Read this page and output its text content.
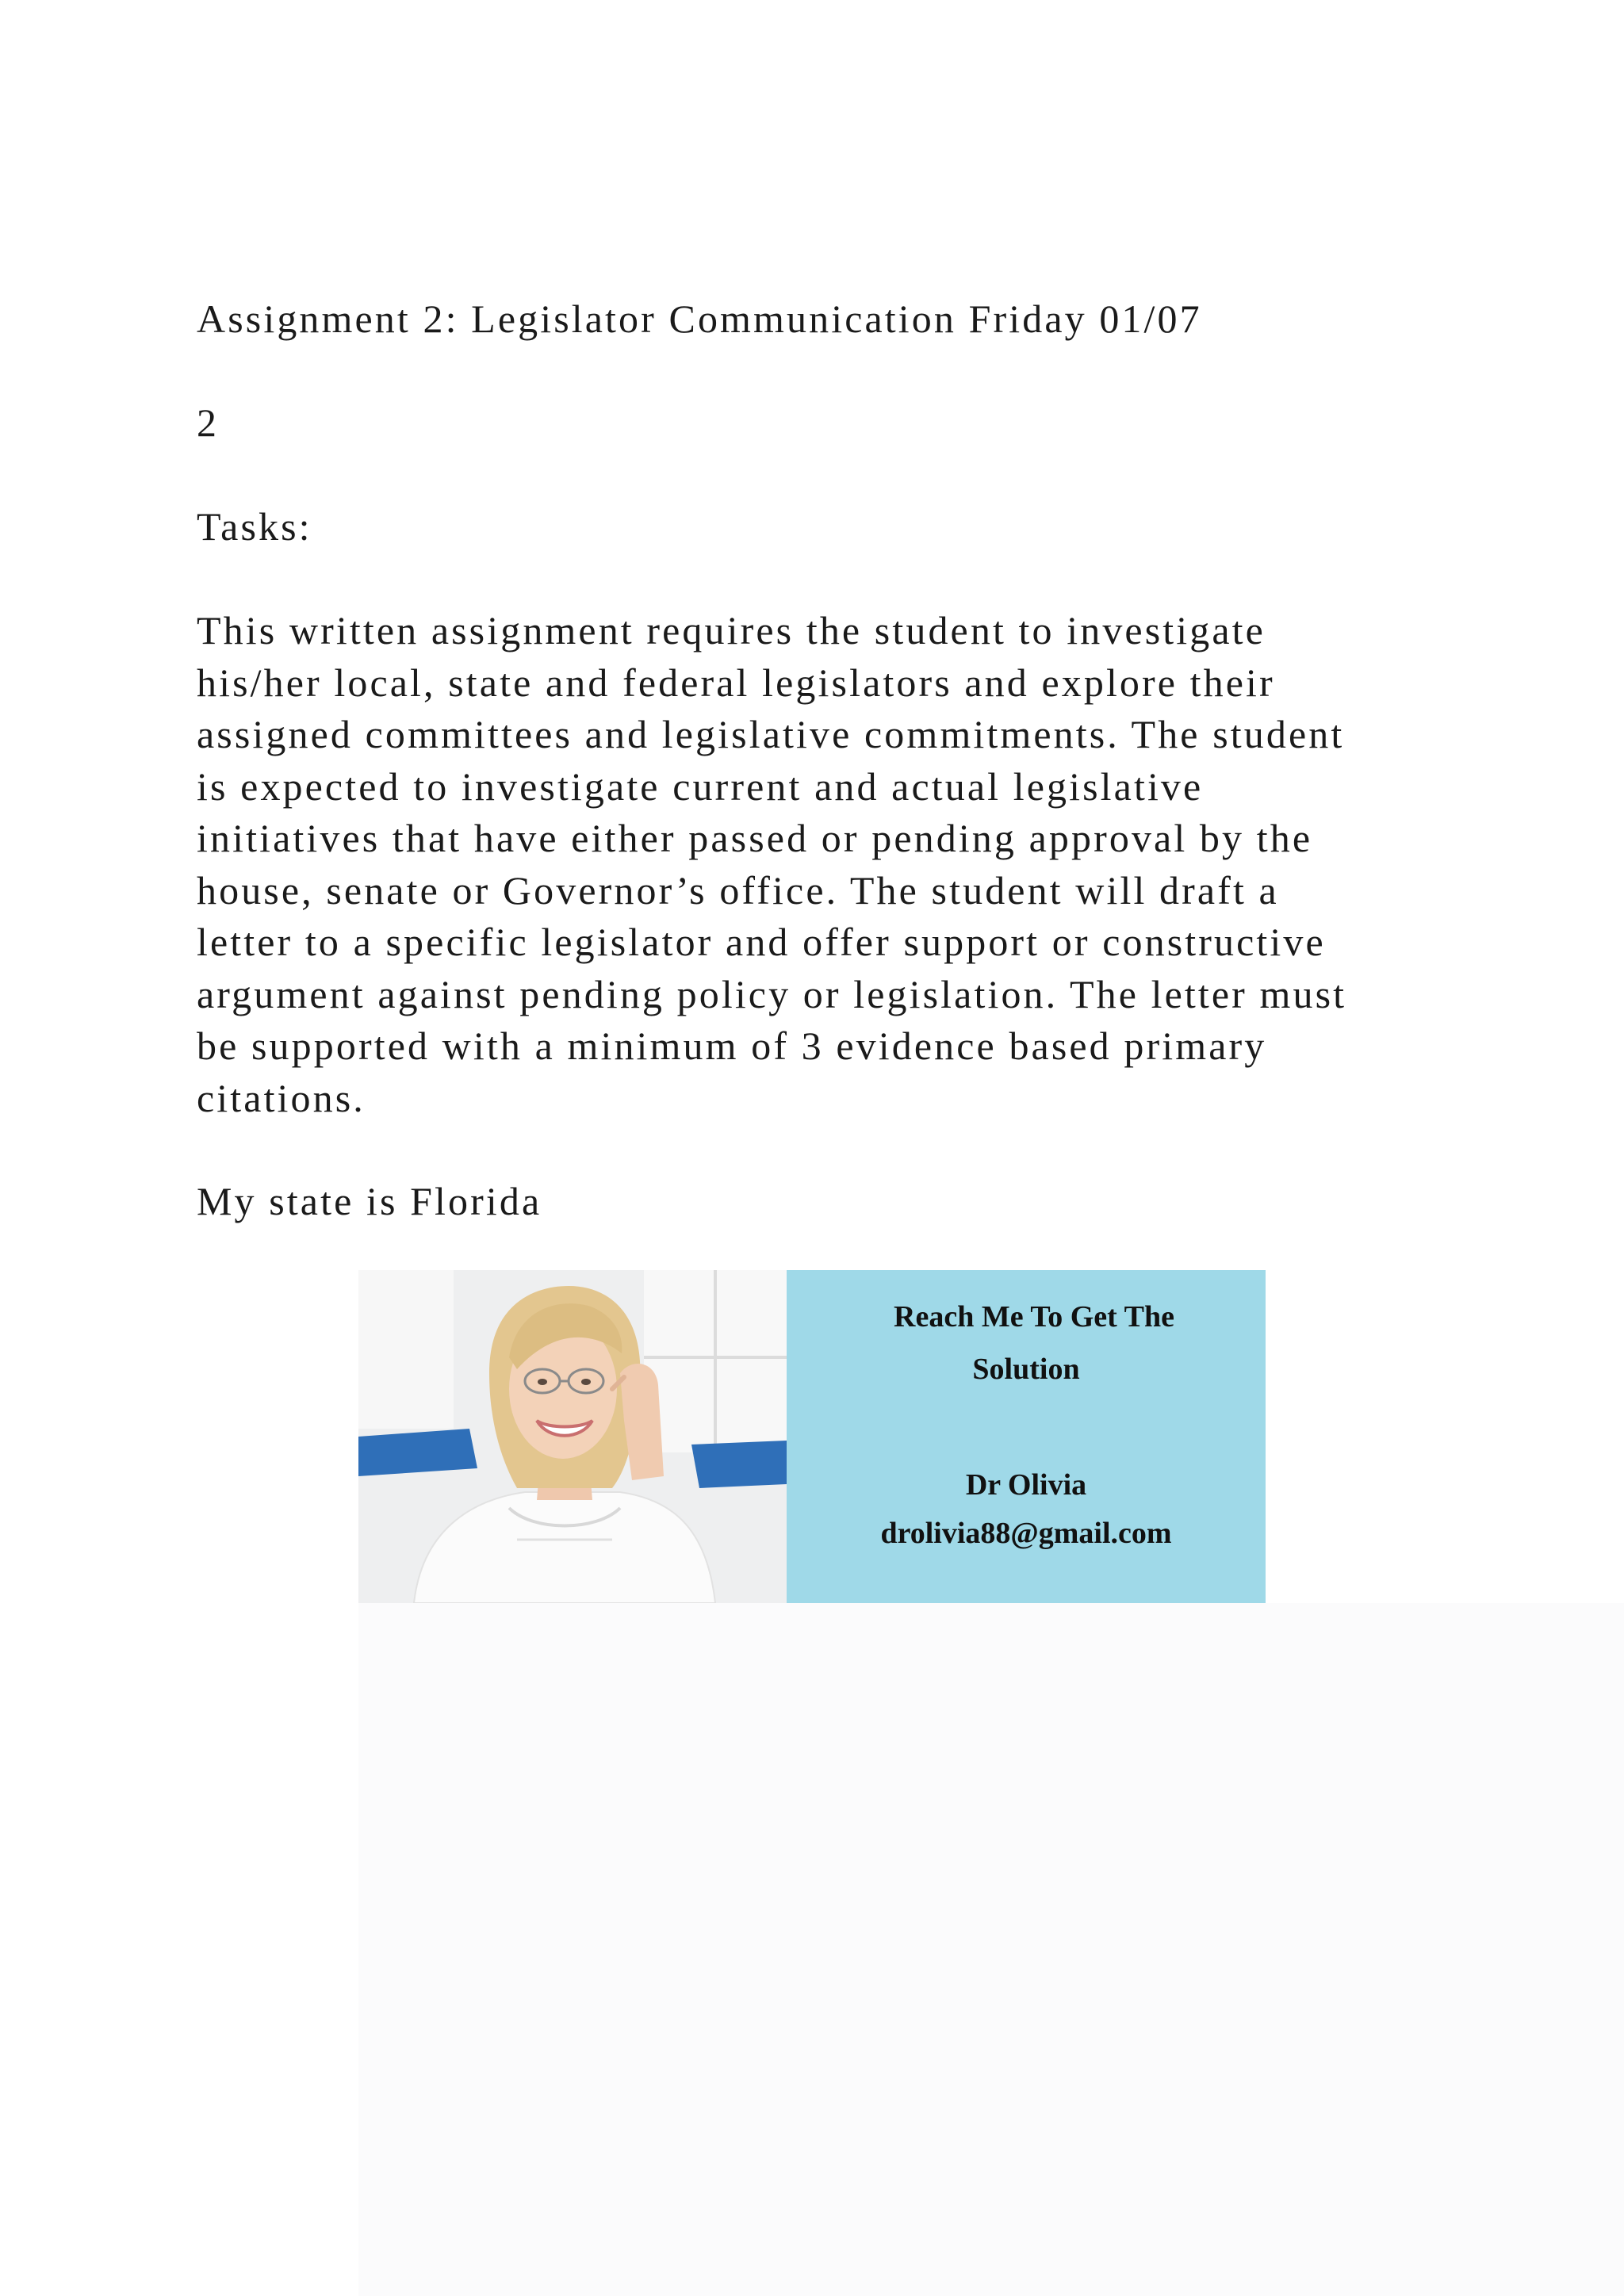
Assignment 2: Legislator Communication Friday 01/07

2

Tasks:

This written assignment requires the student to investigate
his/her local, state and federal legislators and explore their
assigned committees and legislative commitments. The student
is expected to investigate current and actual legislative
initiatives that have either passed or pending approval by the
house, senate or Governor’s office. The student will draft a
letter to a specific legislator and offer support or constructive
argument against pending policy or legislation. The letter must
be supported with a minimum of 3 evidence based primary
citations.

My state is Florida

Reach Me To Get The
Solution
Dr Olivia
drolivia88@gmail.com
